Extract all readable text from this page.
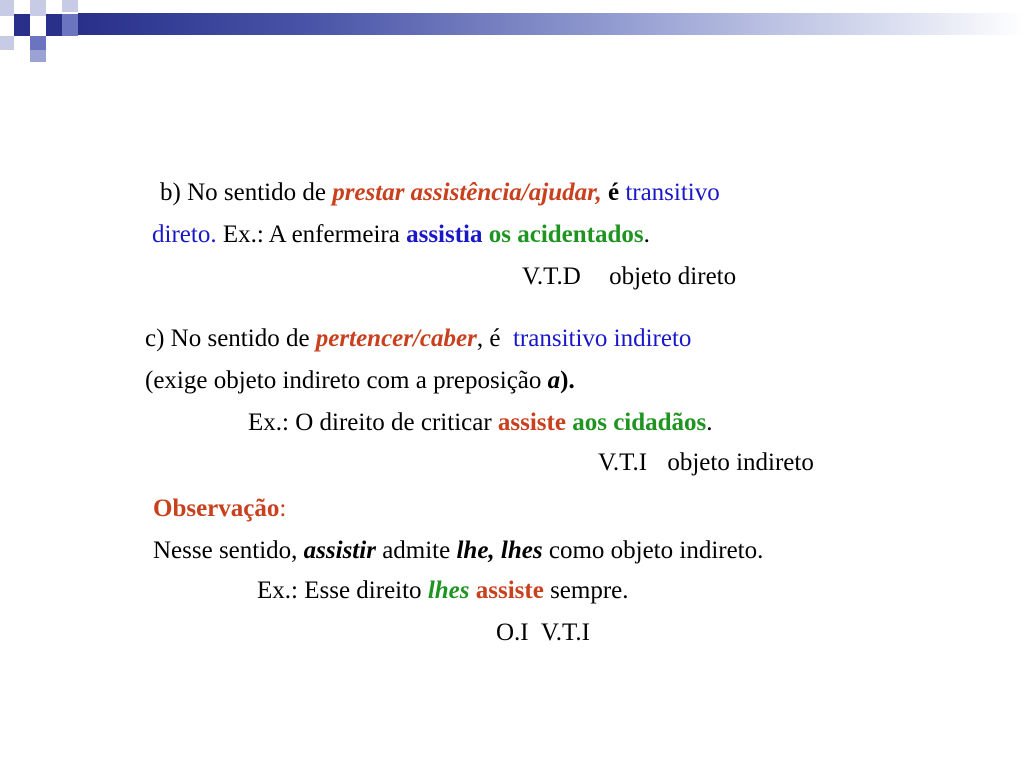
b) No sentido de prestar assistência/ajudar, é transitivo
direto. Ex.: A enfermeira assistia os acidentados.
V.T.D objeto direto
c) No sentido de pertencer/caber, é  transitivo indireto
(exige objeto indireto com a preposição a).
Ex.: O direito de criticar assiste aos cidadãos.
V.T.I objeto indireto
Observação:
Nesse sentido, assistir admite lhe, lhes como objeto indireto.
Ex.: Esse direito lhes assiste sempre.
O.I V.T.I
